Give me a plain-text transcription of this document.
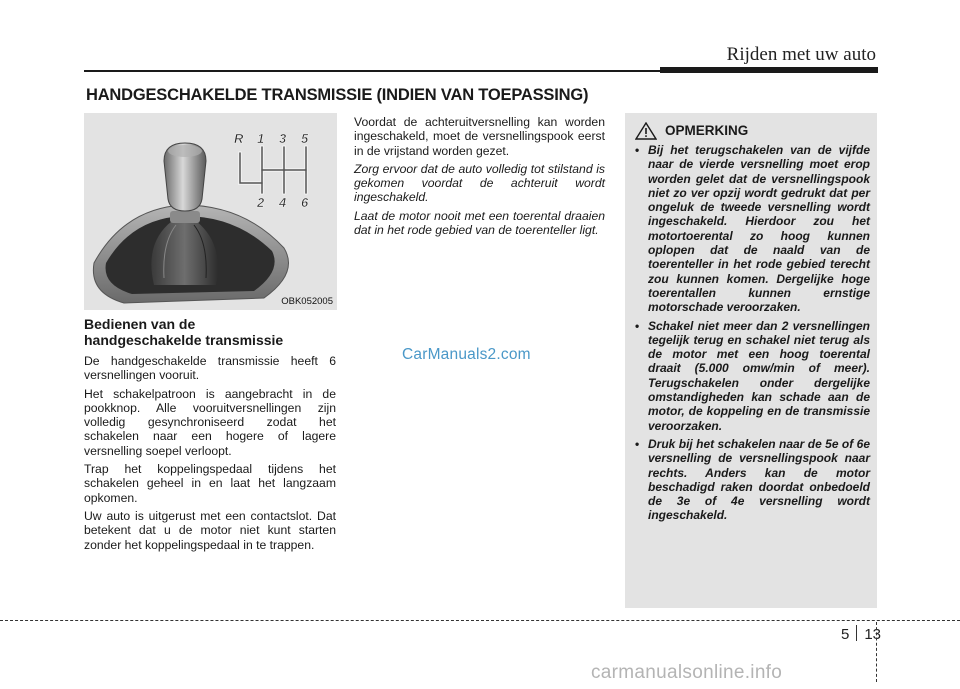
Rijden met uw auto
HANDGESCHAKELDE TRANSMISSIE (INDIEN VAN TOEPASSING)
R 1 3 5
2 4 6
OBK052005
Bedienen van de
handgeschakelde transmissie

De handgeschakelde transmissie heeft 6 versnellingen vooruit.

Het schakelpatroon is aangebracht in de pookknop. Alle vooruitversnellingen zijn volledig gesynchroniseerd zodat het schakelen naar een hogere of lagere versnelling soepel verloopt.

Trap het koppelingspedaal tijdens het schakelen geheel in en laat het langzaam opkomen.

Uw auto is uitgerust met een contactslot. Dat betekent dat u de motor niet kunt starten zonder het koppelingspedaal in te trappen.

Voordat de achteruitversnelling kan worden ingeschakeld, moet de versnellingspook eerst in de vrijstand worden gezet.

Zorg ervoor dat de auto volledig tot stilstand is gekomen voordat de achteruit wordt ingeschakeld.

Laat de motor nooit met een toerental draaien dat in het rode gebied van de toerenteller ligt.

CarManuals2.com
OPMERKING
• Bij het terugschakelen van de vijfde naar de vierde versnelling moet erop worden gelet dat de versnellingspook niet zo ver opzij wordt gedrukt dat per ongeluk de tweede versnelling wordt ingeschakeld. Hierdoor zou het motortoerental zo hoog kunnen oplopen dat de naald van de toerenteller in het rode gebied terecht zou kunnen komen. Dergelijke hoge toerentallen kunnen ernstige motorschade veroorzaken.
• Schakel niet meer dan 2 versnellingen tegelijk terug en schakel niet terug als de motor met een hoog toerental draait (5.000 omw/min of meer). Terugschakelen onder dergelijke omstandigheden kan schade aan de motor, de koppeling en de transmissie veroorzaken.
• Druk bij het schakelen naar de 5e of 6e versnelling de versnellingspook naar rechts. Anders kan de motor beschadigd raken doordat onbedoeld de 3e of 4e versnelling wordt ingeschakeld.
5 13
carmanualsonline.info
